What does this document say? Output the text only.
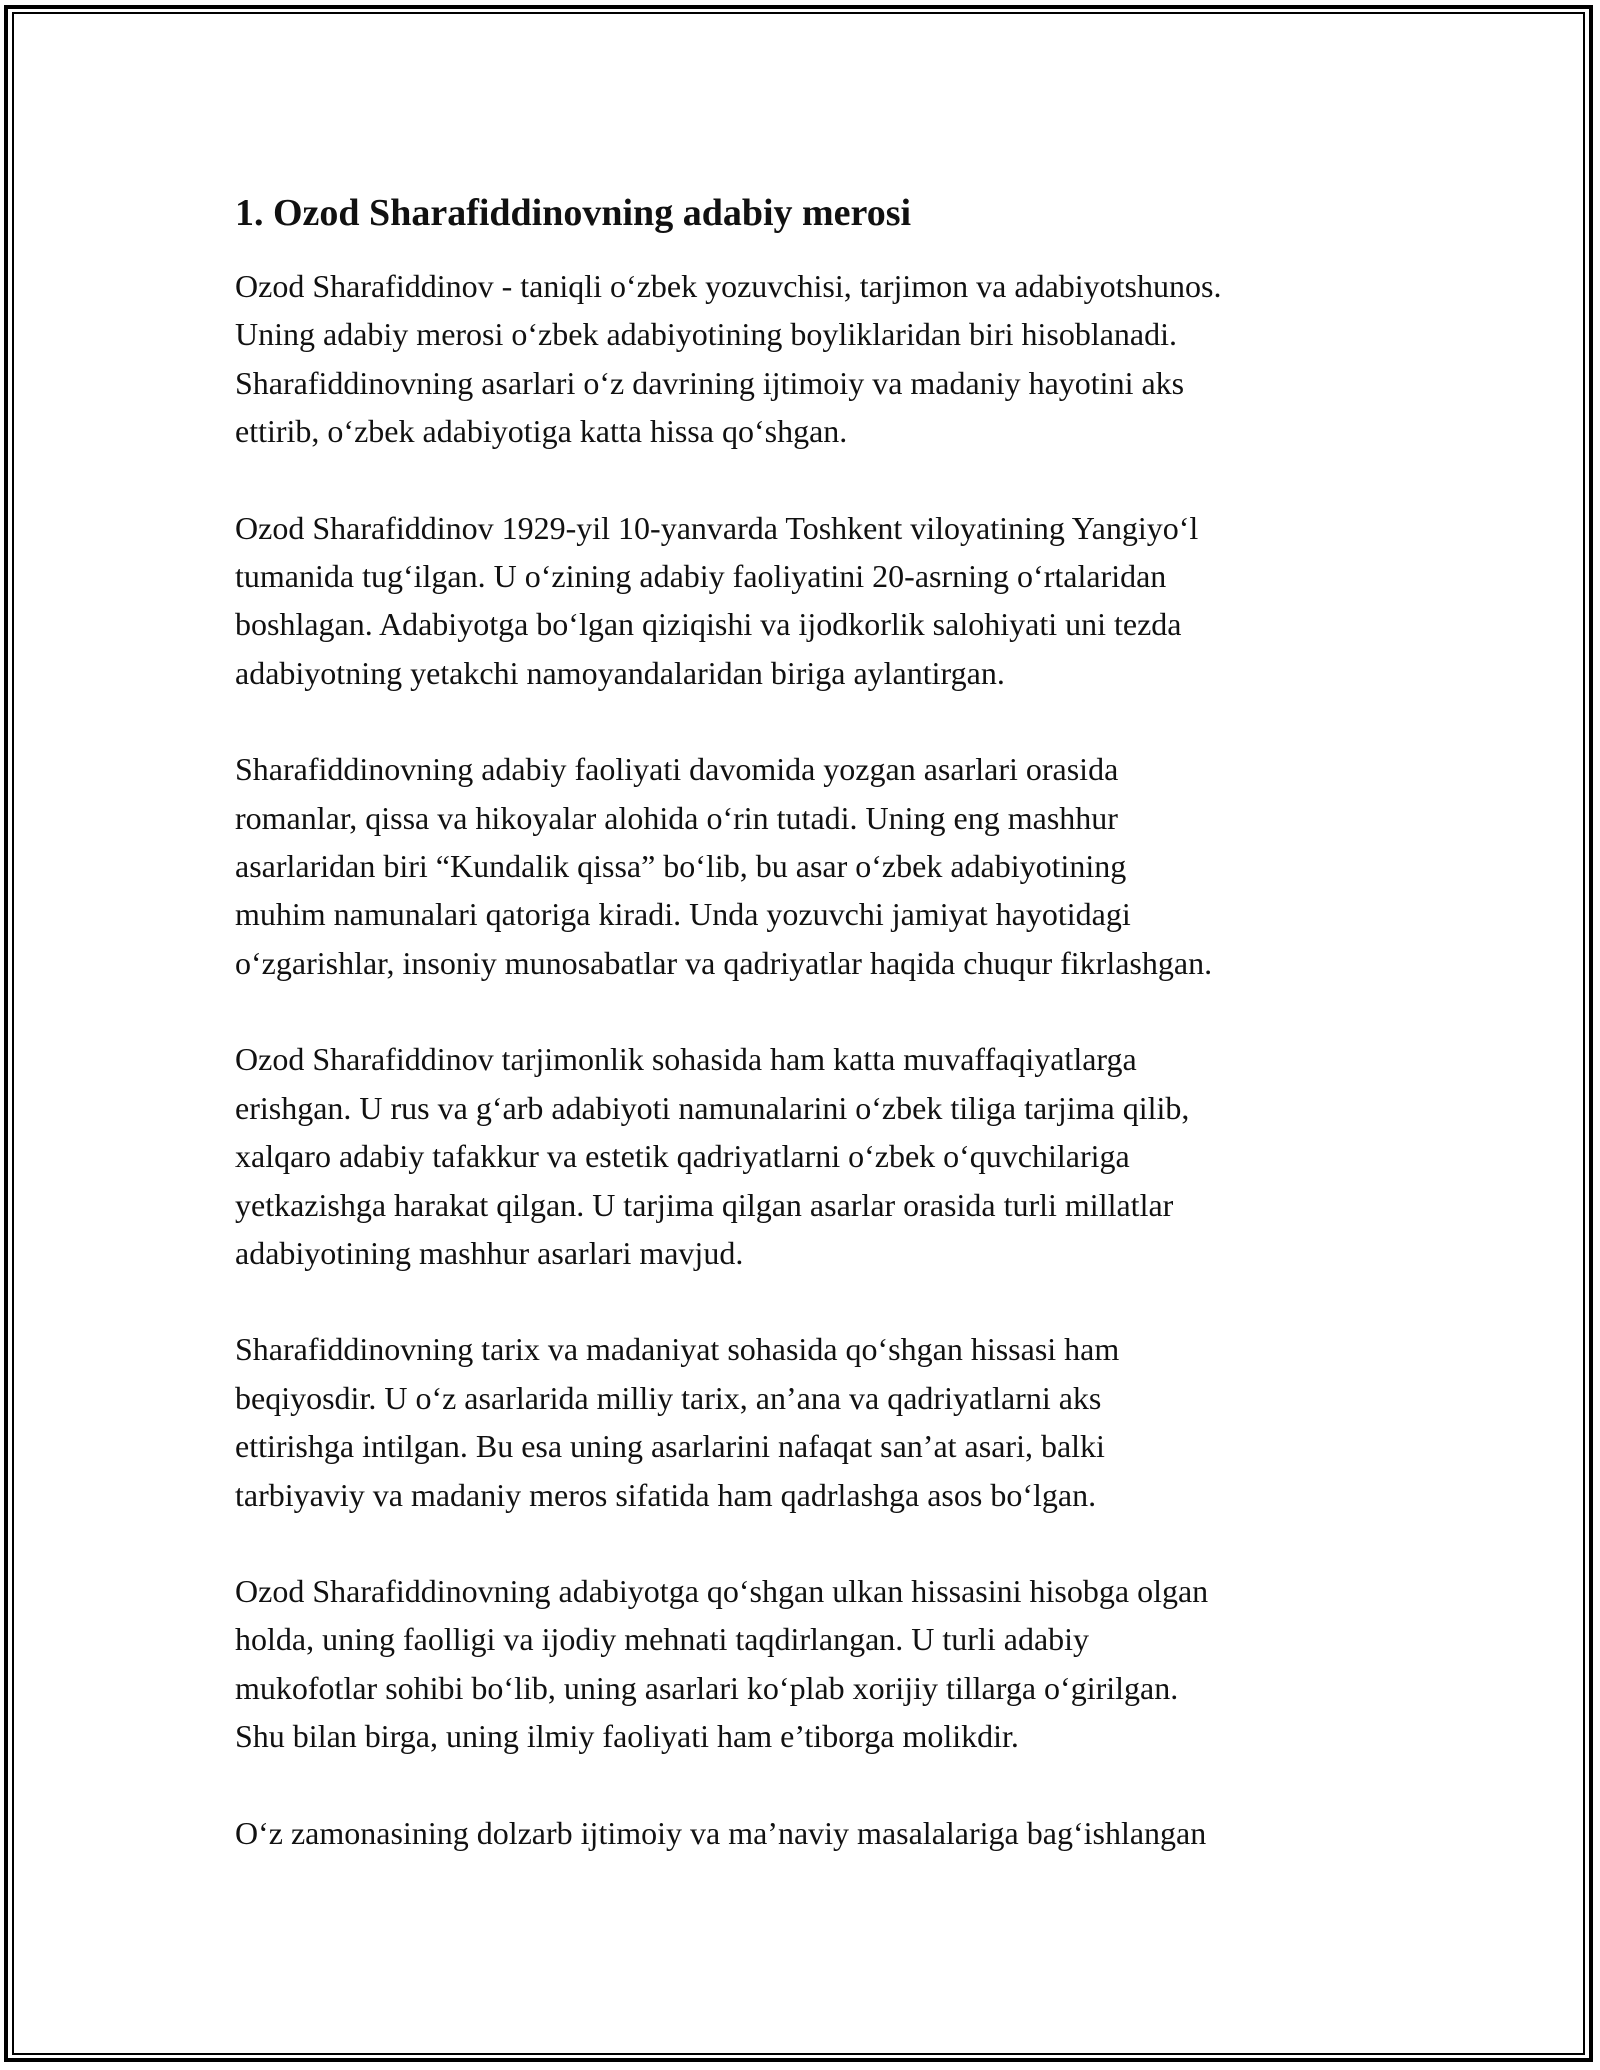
1. Ozod Sharafiddinovning adabiy merosi

Ozod Sharafiddinov - taniqli o‘zbek yozuvchisi, tarjimon va adabiyotshunos.
Uning adabiy merosi o‘zbek adabiyotining boyliklaridan biri hisoblanadi.
Sharafiddinovning asarlari o‘z davrining ijtimoiy va madaniy hayotini aks
ettirib, o‘zbek adabiyotiga katta hissa qo‘shgan.

Ozod Sharafiddinov 1929-yil 10-yanvarda Toshkent viloyatining Yangiyo‘l
tumanida tug‘ilgan. U o‘zining adabiy faoliyatini 20-asrning o‘rtalaridan
boshlagan. Adabiyotga bo‘lgan qiziqishi va ijodkorlik salohiyati uni tezda
adabiyotning yetakchi namoyandalaridan biriga aylantirgan.

Sharafiddinovning adabiy faoliyati davomida yozgan asarlari orasida
romanlar, qissa va hikoyalar alohida o‘rin tutadi. Uning eng mashhur
asarlaridan biri “Kundalik qissa” bo‘lib, bu asar o‘zbek adabiyotining
muhim namunalari qatoriga kiradi. Unda yozuvchi jamiyat hayotidagi
o‘zgarishlar, insoniy munosabatlar va qadriyatlar haqida chuqur fikrlashgan.

Ozod Sharafiddinov tarjimonlik sohasida ham katta muvaffaqiyatlarga
erishgan. U rus va g‘arb adabiyoti namunalarini o‘zbek tiliga tarjima qilib,
xalqaro adabiy tafakkur va estetik qadriyatlarni o‘zbek o‘quvchilariga
yetkazishga harakat qilgan. U tarjima qilgan asarlar orasida turli millatlar
adabiyotining mashhur asarlari mavjud.

Sharafiddinovning tarix va madaniyat sohasida qo‘shgan hissasi ham
beqiyosdir. U o‘z asarlarida milliy tarix, an’ana va qadriyatlarni aks
ettirishga intilgan. Bu esa uning asarlarini nafaqat san’at asari, balki
tarbiyaviy va madaniy meros sifatida ham qadrlashga asos bo‘lgan.

Ozod Sharafiddinovning adabiyotga qo‘shgan ulkan hissasini hisobga olgan
holda, uning faolligi va ijodiy mehnati taqdirlangan. U turli adabiy
mukofotlar sohibi bo‘lib, uning asarlari ko‘plab xorijiy tillarga o‘girilgan.
Shu bilan birga, uning ilmiy faoliyati ham e’tiborga molikdir.

O‘z zamonasining dolzarb ijtimoiy va ma’naviy masalalariga bag‘ishlangan
